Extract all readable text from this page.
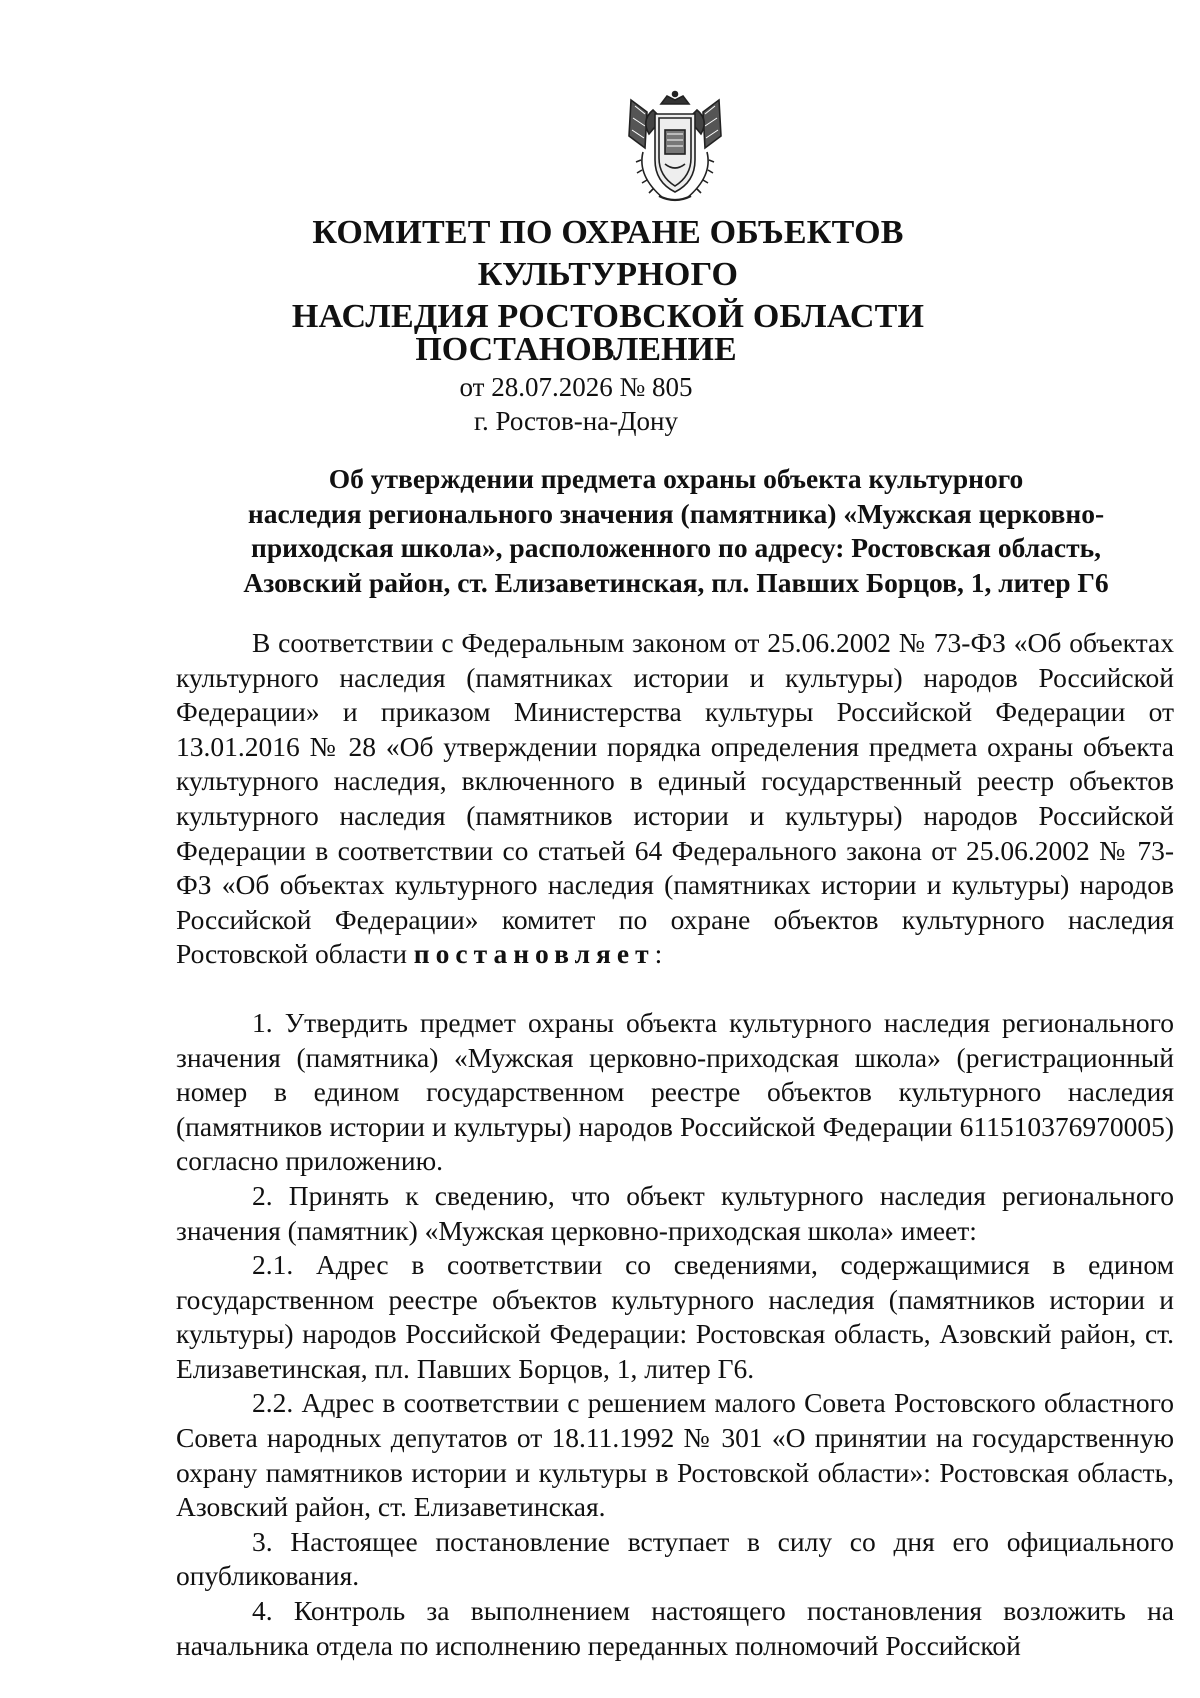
КОМИТЕТ ПО ОХРАНЕ ОБЪЕКТОВ КУЛЬТУРНОГО
НАСЛЕДИЯ РОСТОВСКОЙ ОБЛАСТИ
ПОСТАНОВЛЕНИЕ
от 28.07.2026 № 805
г. Ростов-на-Дону
Об утверждении предмета охраны объекта культурного
наследия регионального значения (памятника) «Мужская церковно-
приходская школа», расположенного по адресу: Ростовская область,
Азовский район, ст. Елизаветинская, пл. Павших Борцов, 1, литер Г6

В соответствии с Федеральным законом от 25.06.2002 № 73-ФЗ «Об объектах культурного наследия (памятниках истории и культуры) народов Российской Федерации» и приказом Министерства культуры Российской Федерации от 13.01.2016 № 28 «Об утверждении порядка определения предмета охраны объекта культурного наследия, включенного в единый государственный реестр объектов культурного наследия (памятников истории и культуры) народов Российской Федерации в соответствии со статьей 64 Федерального закона от 25.06.2002 № 73-ФЗ «Об объектах культурного наследия (памятниках истории и культуры) народов Российской Федерации» комитет по охране объектов культурного наследия Ростовской области постановляет:

1. Утвердить предмет охраны объекта культурного наследия регионального значения (памятника) «Мужская церковно-приходская школа» (регистрационный номер в едином государственном реестре объектов культурного наследия (памятников истории и культуры) народов Российской Федерации 611510376970005) согласно приложению.

2. Принять к сведению, что объект культурного наследия регионального значения (памятник) «Мужская церковно-приходская школа» имеет:

2.1. Адрес в соответствии со сведениями, содержащимися в едином государственном реестре объектов культурного наследия (памятников истории и культуры) народов Российской Федерации: Ростовская область, Азовский район, ст. Елизаветинская, пл. Павших Борцов, 1, литер Г6.

2.2. Адрес в соответствии с решением малого Совета Ростовского областного Совета народных депутатов от 18.11.1992 № 301 «О принятии на государственную охрану памятников истории и культуры в Ростовской области»: Ростовская область, Азовский район, ст. Елизаветинская.

3. Настоящее постановление вступает в силу со дня его официального опубликования.

4. Контроль за выполнением настоящего постановления возложить на начальника отдела по исполнению переданных полномочий Российской
